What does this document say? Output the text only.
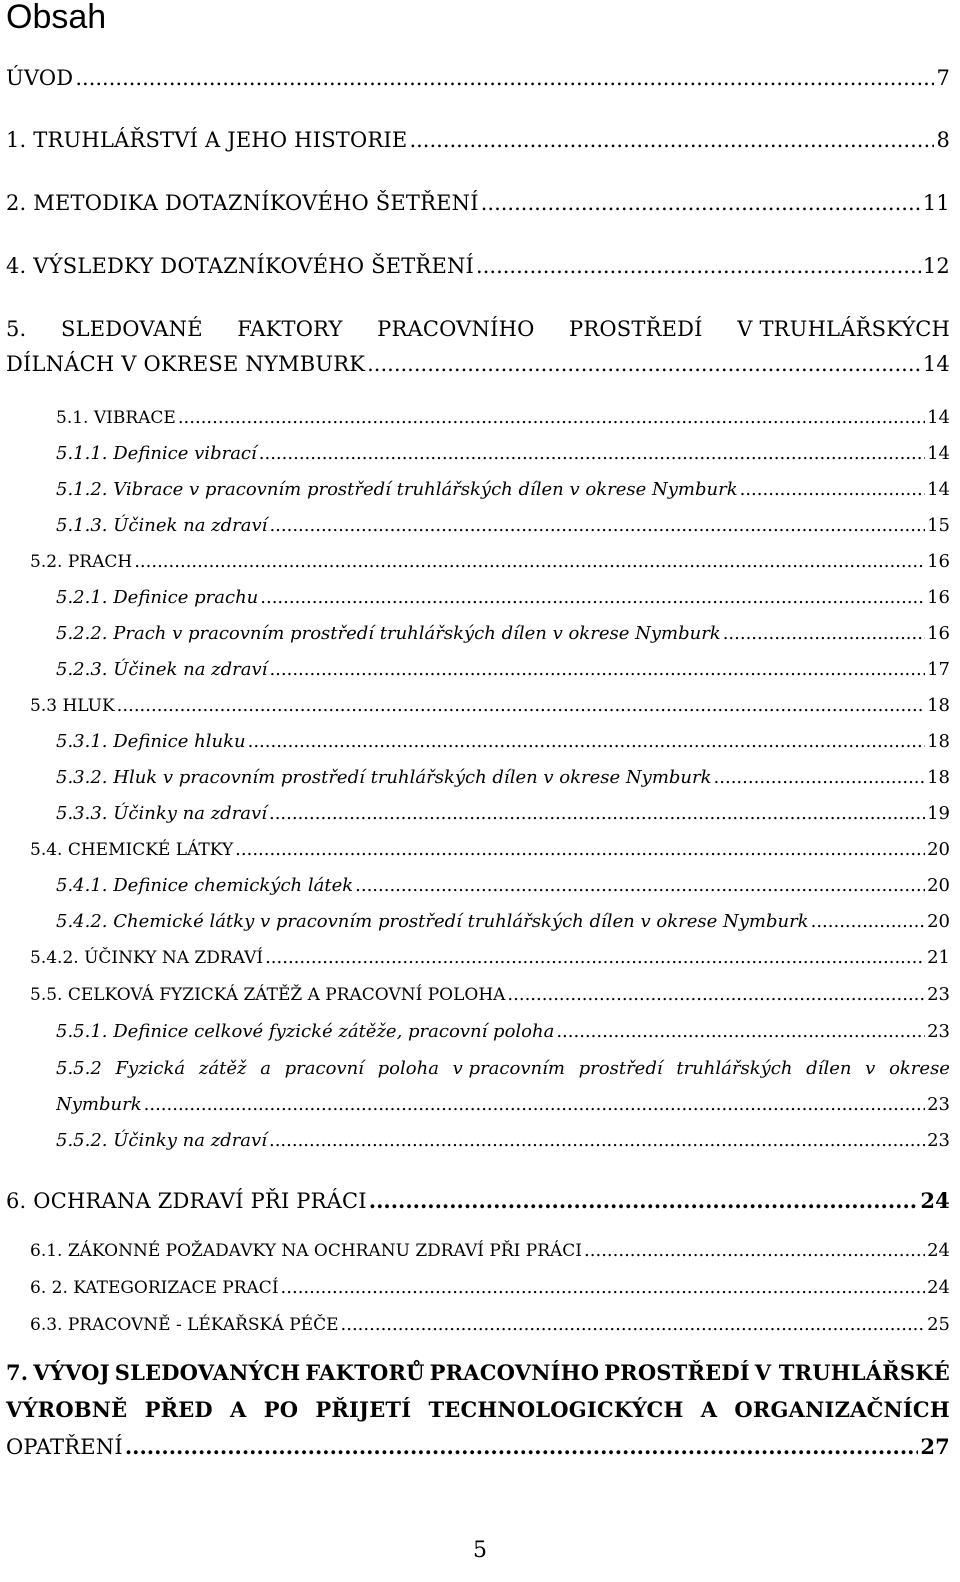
Obsah
ÚVOD .....	7
1. TRUHLÁŘSTVÍ A JEHO HISTORIE .....	8
2. METODIKA DOTAZNÍKOVÉHO ŠETŘENÍ .....	11
4. VÝSLEDKY DOTAZNÍKOVÉHO ŠETŘENÍ .....	12
5. SLEDOVANÉ FAKTORY PRACOVNÍHO PROSTŘEDÍ V TRUHLÁŘSKÝCH
DÍLNÁCH V OKRESE NYMBURK .....	14
5.1. VIBRACE .....	14
5.1.1. Definice vibrací .....	14
5.1.2. Vibrace v pracovním prostředí truhlářských dílen v okrese Nymburk .....	14
5.1.3. Účinek na zdraví .....	15
5.2. PRACH .....	16
5.2.1. Definice prachu .....	16
5.2.2. Prach v pracovním prostředí truhlářských dílen v okrese Nymburk .....	16
5.2.3. Účinek na zdraví .....	17
5.3 HLUK .....	18
5.3.1. Definice hluku .....	18
5.3.2. Hluk v pracovním prostředí truhlářských dílen v okrese Nymburk .....	18
5.3.3. Účinky na zdraví .....	19
5.4. CHEMICKÉ LÁTKY .....	20
5.4.1. Definice chemických látek .....	20
5.4.2. Chemické látky v pracovním prostředí truhlářských dílen v okrese Nymburk .....	20
5.4.2. ÚČINKY NA ZDRAVÍ .....	21
5.5. CELKOVÁ FYZICKÁ ZÁTĚŽ A PRACOVNÍ POLOHA .....	23
5.5.1. Definice celkové fyzické zátěže, pracovní poloha .....	23
5.5.2 Fyzická zátěž a pracovní poloha v pracovním prostředí truhlářských dílen v okrese
Nymburk .....	23
5.5.2. Účinky na zdraví .....	23
6. OCHRANA ZDRAVÍ PŘI PRÁCI .....	24
6.1. ZÁKONNÉ POŽADAVKY NA OCHRANU ZDRAVÍ PŘI PRÁCI .....	24
6. 2. KATEGORIZACE PRACÍ .....	24
6.3. PRACOVNĚ - LÉKAŘSKÁ PÉČE .....	25
7. VÝVOJ SLEDOVANÝCH FAKTORŮ PRACOVNÍHO PROSTŘEDÍ V TRUHLÁŘSKÉ
VÝROBNĚ PŘED A PO PŘIJETÍ TECHNOLOGICKÝCH A ORGANIZAČNÍCH
OPATŘENÍ .....	27
5
